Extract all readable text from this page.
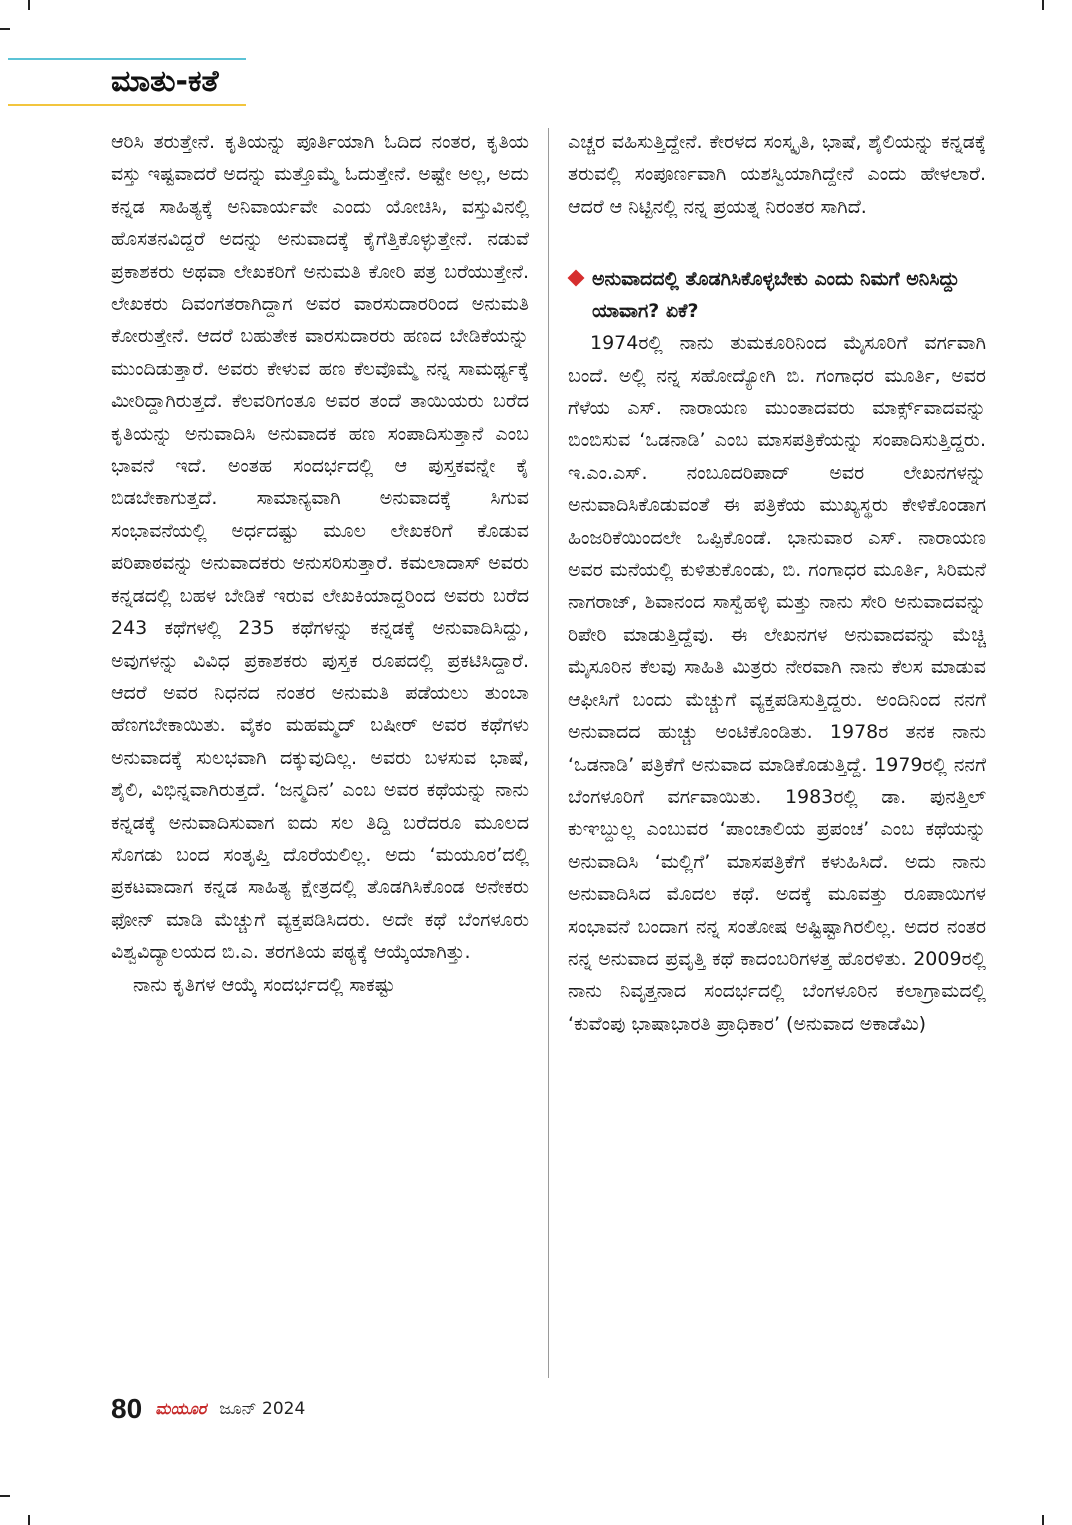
ಮಾತು-ಕತೆ

ಆರಿಸಿ ತರುತ್ತೇನೆ. ಕೃತಿಯನ್ನು ಪೂರ್ತಿಯಾಗಿ ಓದಿದ ನಂತರ, ಕೃತಿಯ ವಸ್ತು ಇಷ್ಟವಾದರೆ ಅದನ್ನು ಮತ್ತೊಮ್ಮೆ ಓದುತ್ತೇನೆ. ಅಷ್ಟೇ ಅಲ್ಲ, ಅದು ಕನ್ನಡ ಸಾಹಿತ್ಯಕ್ಕೆ ಅನಿವಾರ್ಯವೇ ಎಂದು ಯೋಚಿಸಿ, ವಸ್ತುವಿನಲ್ಲಿ ಹೊಸತನವಿದ್ದರೆ ಅದನ್ನು ಅನುವಾದಕ್ಕೆ ಕೈಗೆತ್ತಿಕೊಳ್ಳುತ್ತೇನೆ. ನಡುವೆ ಪ್ರಕಾಶಕರು ಅಥವಾ ಲೇಖಕರಿಗೆ ಅನುಮತಿ ಕೋರಿ ಪತ್ರ ಬರೆಯುತ್ತೇನೆ. ಲೇಖಕರು ದಿವಂಗತರಾಗಿದ್ದಾಗ ಅವರ ವಾರಸುದಾರರಿಂದ ಅನುಮತಿ ಕೋರುತ್ತೇನೆ. ಆದರೆ ಬಹುತೇಕ ವಾರಸುದಾರರು ಹಣದ ಬೇಡಿಕೆಯನ್ನು ಮುಂದಿಡುತ್ತಾರೆ. ಅವರು ಕೇಳುವ ಹಣ ಕೆಲವೊಮ್ಮೆ ನನ್ನ ಸಾಮರ್ಥ್ಯಕ್ಕೆ ಮೀರಿದ್ದಾಗಿರುತ್ತದೆ. ಕೆಲವರಿಗಂತೂ ಅವರ ತಂದೆ ತಾಯಿಯರು ಬರೆದ ಕೃತಿಯನ್ನು ಅನುವಾದಿಸಿ ಅನುವಾದಕ ಹಣ ಸಂಪಾದಿಸುತ್ತಾನೆ ಎಂಬ ಭಾವನೆ ಇದೆ. ಅಂತಹ ಸಂದರ್ಭದಲ್ಲಿ ಆ ಪುಸ್ತಕವನ್ನೇ ಕೈ ಬಿಡಬೇಕಾಗುತ್ತದೆ. ಸಾಮಾನ್ಯವಾಗಿ ಅನುವಾದಕ್ಕೆ ಸಿಗುವ ಸಂಭಾವನೆಯಲ್ಲಿ ಅರ್ಧದಷ್ಟು ಮೂಲ ಲೇಖಕರಿಗೆ ಕೊಡುವ ಪರಿಪಾಠವನ್ನು ಅನುವಾದಕರು ಅನುಸರಿಸುತ್ತಾರೆ. ಕಮಲಾದಾಸ್ ಅವರು ಕನ್ನಡದಲ್ಲಿ ಬಹಳ ಬೇಡಿಕೆ ಇರುವ ಲೇಖಕಿಯಾದ್ದರಿಂದ ಅವರು ಬರೆದ 243 ಕಥೆಗಳಲ್ಲಿ 235 ಕಥೆಗಳನ್ನು ಕನ್ನಡಕ್ಕೆ ಅನುವಾದಿಸಿದ್ದು, ಅವುಗಳನ್ನು ವಿವಿಧ ಪ್ರಕಾಶಕರು ಪುಸ್ತಕ ರೂಪದಲ್ಲಿ ಪ್ರಕಟಿಸಿದ್ದಾರೆ. ಆದರೆ ಅವರ ನಿಧನದ ನಂತರ ಅನುಮತಿ ಪಡೆಯಲು ತುಂಬಾ ಹೆಣಗಬೇಕಾಯಿತು. ವೈಕಂ ಮಹಮ್ಮದ್ ಬಷೀರ್ ಅವರ ಕಥೆಗಳು ಅನುವಾದಕ್ಕೆ ಸುಲಭವಾಗಿ ದಕ್ಕುವುದಿಲ್ಲ. ಅವರು ಬಳಸುವ ಭಾಷೆ, ಶೈಲಿ, ವಿಭಿನ್ನವಾಗಿರುತ್ತದೆ. ‘ಜನ್ಮದಿನ’ ಎಂಬ ಅವರ ಕಥೆಯನ್ನು ನಾನು ಕನ್ನಡಕ್ಕೆ ಅನುವಾದಿಸುವಾಗ ಐದು ಸಲ ತಿದ್ದಿ ಬರೆದರೂ ಮೂಲದ ಸೊಗಡು ಬಂದ ಸಂತೃಪ್ತಿ ದೊರೆಯಲಿಲ್ಲ. ಅದು ‘ಮಯೂರ’ದಲ್ಲಿ ಪ್ರಕಟವಾದಾಗ ಕನ್ನಡ ಸಾಹಿತ್ಯ ಕ್ಷೇತ್ರದಲ್ಲಿ ತೊಡಗಿಸಿಕೊಂಡ ಅನೇಕರು ಫೋನ್ ಮಾಡಿ ಮೆಚ್ಚುಗೆ ವ್ಯಕ್ತಪಡಿಸಿದರು. ಅದೇ ಕಥೆ ಬೆಂಗಳೂರು ವಿಶ್ವವಿದ್ಯಾಲಯದ ಬಿ.ಎ. ತರಗತಿಯ ಪಠ್ಯಕ್ಕೆ ಆಯ್ಕೆಯಾಗಿತ್ತು.

ನಾನು ಕೃತಿಗಳ ಆಯ್ಕೆ ಸಂದರ್ಭದಲ್ಲಿ ಸಾಕಷ್ಟು

ಎಚ್ಚರ ವಹಿಸುತ್ತಿದ್ದೇನೆ. ಕೇರಳದ ಸಂಸ್ಕೃತಿ, ಭಾಷೆ, ಶೈಲಿಯನ್ನು ಕನ್ನಡಕ್ಕೆ ತರುವಲ್ಲಿ ಸಂಪೂರ್ಣವಾಗಿ ಯಶಸ್ವಿಯಾಗಿದ್ದೇನೆ ಎಂದು ಹೇಳಲಾರೆ. ಆದರೆ ಆ ನಿಟ್ಟಿನಲ್ಲಿ ನನ್ನ ಪ್ರಯತ್ನ ನಿರಂತರ ಸಾಗಿದೆ.

ಅನುವಾದದಲ್ಲಿ ತೊಡಗಿಸಿಕೊಳ್ಳಬೇಕು ಎಂದು ನಿಮಗೆ ಅನಿಸಿದ್ದು ಯಾವಾಗ? ಏಕೆ?

1974ರಲ್ಲಿ ನಾನು ತುಮಕೂರಿನಿಂದ ಮೈಸೂರಿಗೆ ವರ್ಗವಾಗಿ ಬಂದೆ. ಅಲ್ಲಿ ನನ್ನ ಸಹೋದ್ಯೋಗಿ ಬಿ. ಗಂಗಾಧರ ಮೂರ್ತಿ, ಅವರ ಗೆಳೆಯ ಎಸ್. ನಾರಾಯಣ ಮುಂತಾದವರು ಮಾರ್ಕ್ಸ್‌ವಾದವನ್ನು ಬಿಂಬಿಸುವ ‘ಒಡನಾಡಿ’ ಎಂಬ ಮಾಸಪತ್ರಿಕೆಯನ್ನು ಸಂಪಾದಿಸುತ್ತಿದ್ದರು. ಇ.ಎಂ.ಎಸ್. ನಂಬೂದರಿಪಾದ್ ಅವರ ಲೇಖನಗಳನ್ನು ಅನುವಾದಿಸಿಕೊಡುವಂತೆ ಈ ಪತ್ರಿಕೆಯ ಮುಖ್ಯಸ್ಥರು ಕೇಳಿಕೊಂಡಾಗ ಹಿಂಜರಿಕೆಯಿಂದಲೇ ಒಪ್ಪಿಕೊಂಡೆ. ಭಾನುವಾರ ಎಸ್. ನಾರಾಯಣ ಅವರ ಮನೆಯಲ್ಲಿ ಕುಳಿತುಕೊಂಡು, ಬಿ. ಗಂಗಾಧರ ಮೂರ್ತಿ, ಸಿರಿಮನೆ ನಾಗರಾಜ್, ಶಿವಾನಂದ ಸಾಸ್ವೆಹಳ್ಳಿ ಮತ್ತು ನಾನು ಸೇರಿ ಅನುವಾದವನ್ನು ರಿಪೇರಿ ಮಾಡುತ್ತಿದ್ದೆವು. ಈ ಲೇಖನಗಳ ಅನುವಾದವನ್ನು ಮೆಚ್ಚಿ ಮೈಸೂರಿನ ಕೆಲವು ಸಾಹಿತಿ ಮಿತ್ರರು ನೇರವಾಗಿ ನಾನು ಕೆಲಸ ಮಾಡುವ ಆಫೀಸಿಗೆ ಬಂದು ಮೆಚ್ಚುಗೆ ವ್ಯಕ್ತಪಡಿಸುತ್ತಿದ್ದರು. ಅಂದಿನಿಂದ ನನಗೆ ಅನುವಾದದ ಹುಚ್ಚು ಅಂಟಿಕೊಂಡಿತು. 1978ರ ತನಕ ನಾನು ‘ಒಡನಾಡಿ’ ಪತ್ರಿಕೆಗೆ ಅನುವಾದ ಮಾಡಿಕೊಡುತ್ತಿದ್ದೆ. 1979ರಲ್ಲಿ ನನಗೆ ಬೆಂಗಳೂರಿಗೆ ವರ್ಗವಾಯಿತು. 1983ರಲ್ಲಿ ಡಾ. ಪುನತ್ತಿಲ್ ಕುಞಬ್ದುಲ್ಲ ಎಂಬುವರ ‘ಪಾಂಚಾಲಿಯ ಪ್ರಪಂಚ’ ಎಂಬ ಕಥೆಯನ್ನು ಅನುವಾದಿಸಿ ‘ಮಲ್ಲಿಗೆ’ ಮಾಸಪತ್ರಿಕೆಗೆ ಕಳುಹಿಸಿದೆ. ಅದು ನಾನು ಅನುವಾದಿಸಿದ ಮೊದಲ ಕಥೆ. ಅದಕ್ಕೆ ಮೂವತ್ತು ರೂಪಾಯಿಗಳ ಸಂಭಾವನೆ ಬಂದಾಗ ನನ್ನ ಸಂತೋಷ ಅಷ್ಟಿಷ್ಟಾಗಿರಲಿಲ್ಲ. ಅದರ ನಂತರ ನನ್ನ ಅನುವಾದ ಪ್ರವೃತ್ತಿ ಕಥೆ ಕಾದಂಬರಿಗಳತ್ತ ಹೊರಳಿತು. 2009ರಲ್ಲಿ ನಾನು ನಿವೃತ್ತನಾದ ಸಂದರ್ಭದಲ್ಲಿ ಬೆಂಗಳೂರಿನ ಕಲಾಗ್ರಾಮದಲ್ಲಿ ‘ಕುವೆಂಪು ಭಾಷಾಭಾರತಿ ಪ್ರಾಧಿಕಾರ’ (ಅನುವಾದ ಅಕಾಡೆಮಿ)

80 ಮಯೂರ ಜೂನ್ 2024
